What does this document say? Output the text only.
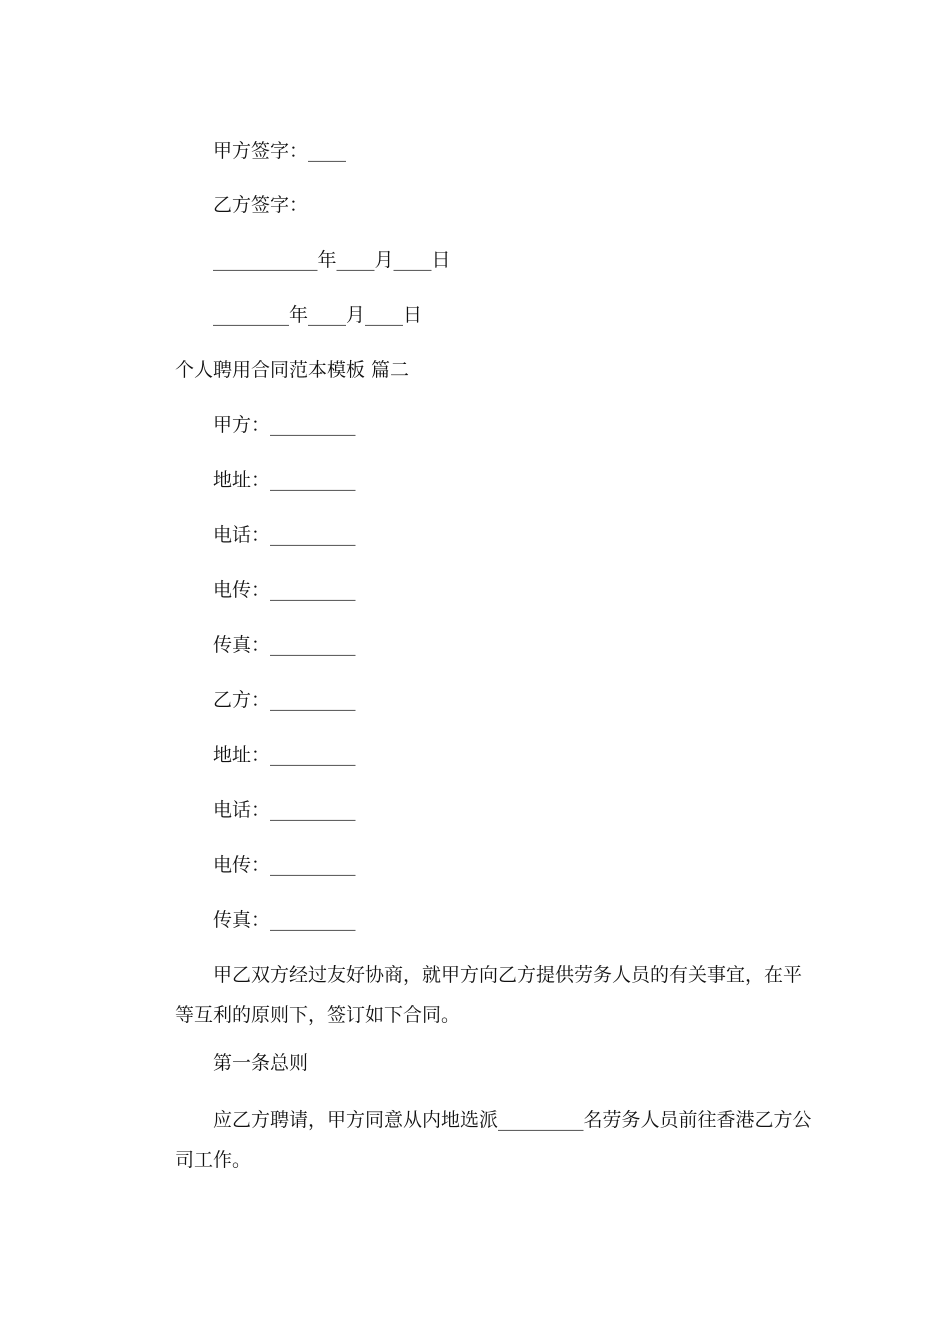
甲方签字：____
乙方签字：
___________年____月____日
________年____月____日
个人聘用合同范本模板 篇二
甲方：_________
地址：_________
电话：_________
电传：_________
传真：_________
乙方：_________
地址：_________
电话：_________
电传：_________
传真：_________
甲乙双方经过友好协商，就甲方向乙方提供劳务人员的有关事宜，在平等互利的原则下，签订如下合同。
第一条总则
应乙方聘请，甲方同意从内地选派_________名劳务人员前往香港乙方公司工作。
